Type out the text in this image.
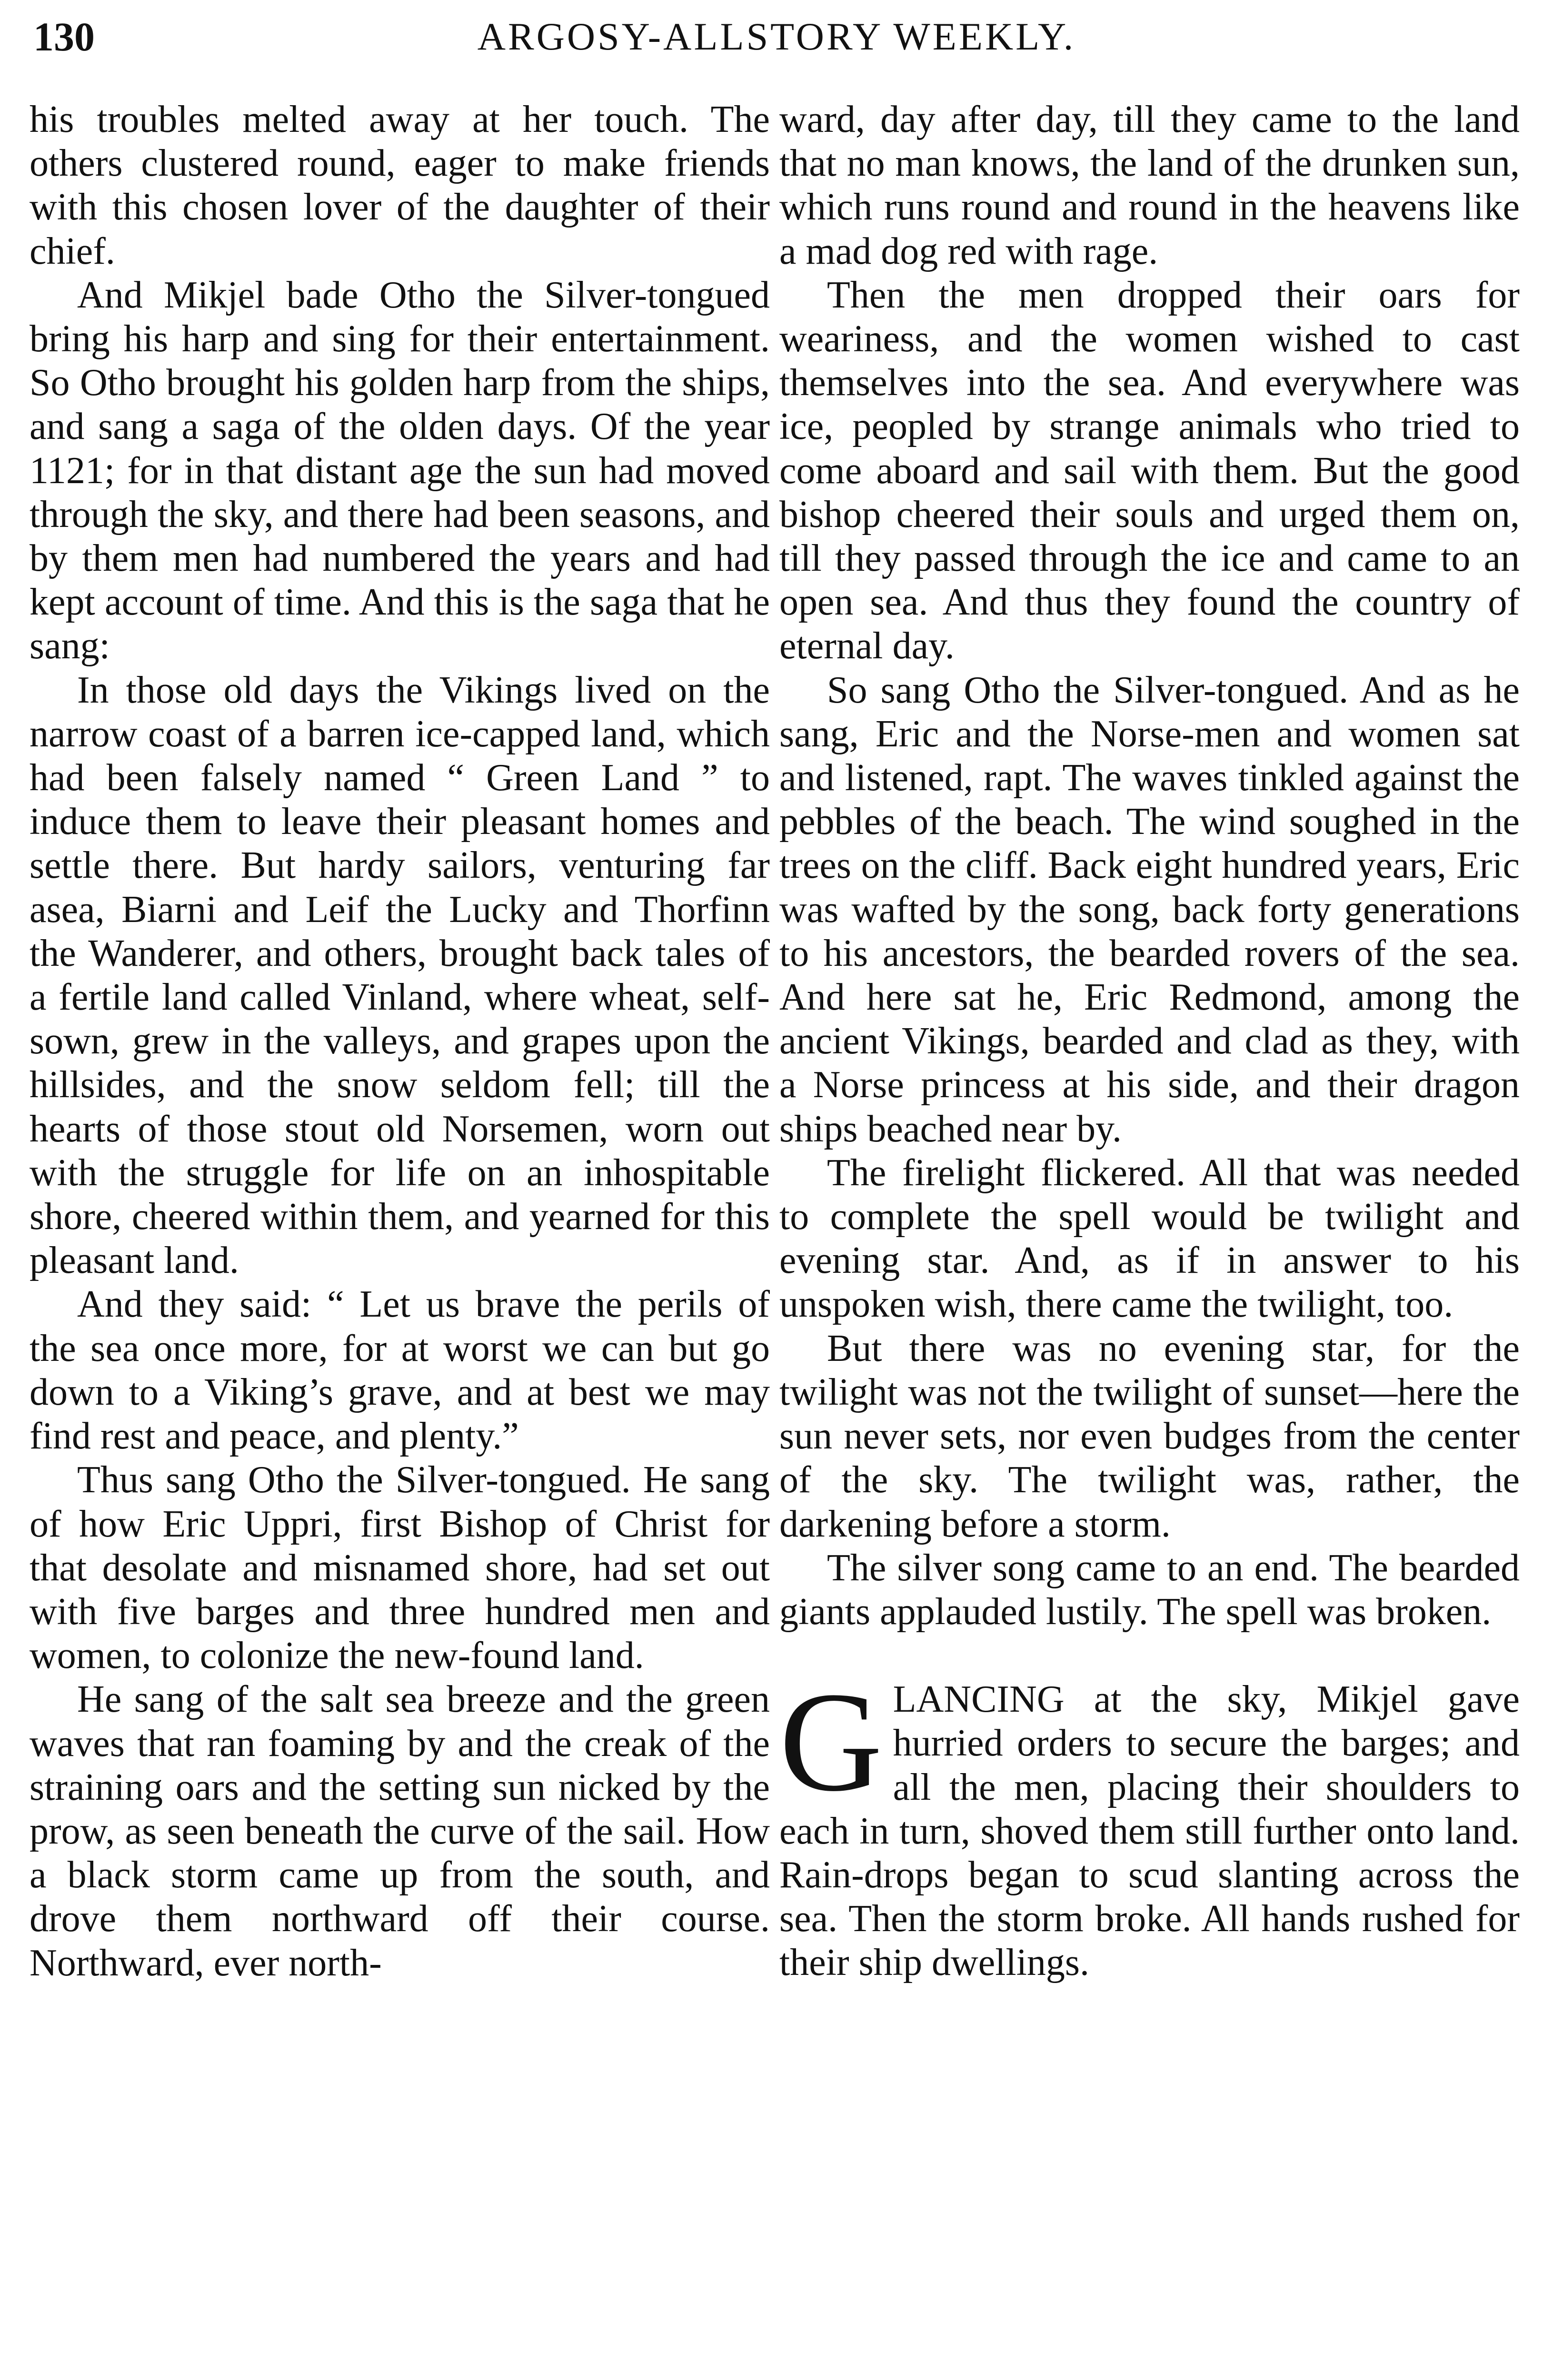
130	ARGOSY-ALLSTORY WEEKLY.

his troubles melted away at her touch. The others clustered round, eager to make friends with this chosen lover of the daughter of their chief.

And Mikjel bade Otho the Silver-tongued bring his harp and sing for their entertainment. So Otho brought his golden harp from the ships, and sang a saga of the olden days. Of the year 1121; for in that distant age the sun had moved through the sky, and there had been seasons, and by them men had numbered the years and had kept account of time. And this is the saga that he sang:

In those old days the Vikings lived on the narrow coast of a barren ice-capped land, which had been falsely named “ Green Land ” to induce them to leave their pleasant homes and settle there. But hardy sailors, venturing far asea, Biarni and Leif the Lucky and Thorfinn the Wanderer, and others, brought back tales of a fertile land called Vinland, where wheat, self-sown, grew in the valleys, and grapes upon the hillsides, and the snow seldom fell; till the hearts of those stout old Norsemen, worn out with the struggle for life on an inhospitable shore, cheered within them, and yearned for this pleasant land.

And they said: “ Let us brave the perils of the sea once more, for at worst we can but go down to a Viking’s grave, and at best we may find rest and peace, and plenty.”

Thus sang Otho the Silver-tongued. He sang of how Eric Uppri, first Bishop of Christ for that desolate and misnamed shore, had set out with five barges and three hundred men and women, to colonize the new-found land.

He sang of the salt sea breeze and the green waves that ran foaming by and the creak of the straining oars and the setting sun nicked by the prow, as seen beneath the curve of the sail. How a black storm came up from the south, and drove them northward off their course. Northward, ever north-

ward, day after day, till they came to the land that no man knows, the land of the drunken sun, which runs round and round in the heavens like a mad dog red with rage.

Then the men dropped their oars for weariness, and the women wished to cast themselves into the sea. And everywhere was ice, peopled by strange animals who tried to come aboard and sail with them. But the good bishop cheered their souls and urged them on, till they passed through the ice and came to an open sea. And thus they found the country of eternal day.

So sang Otho the Silver-tongued. And as he sang, Eric and the Norse-men and women sat and listened, rapt. The waves tinkled against the pebbles of the beach. The wind soughed in the trees on the cliff. Back eight hundred years, Eric was wafted by the song, back forty generations to his ancestors, the bearded rovers of the sea. And here sat he, Eric Redmond, among the ancient Vikings, bearded and clad as they, with a Norse princess at his side, and their dragon ships beached near by.

The firelight flickered. All that was needed to complete the spell would be twilight and evening star. And, as if in answer to his unspoken wish, there came the twilight, too.

But there was no evening star, for the twilight was not the twilight of sunset—here the sun never sets, nor even budges from the center of the sky. The twilight was, rather, the darkening before a storm.

The silver song came to an end. The bearded giants applauded lustily. The spell was broken.

GLANCING at the sky, Mikjel gave hurried orders to secure the barges; and all the men, placing their shoulders to each in turn, shoved them still further onto land. Rain-drops began to scud slanting across the sea. Then the storm broke. All hands rushed for their ship dwellings.
